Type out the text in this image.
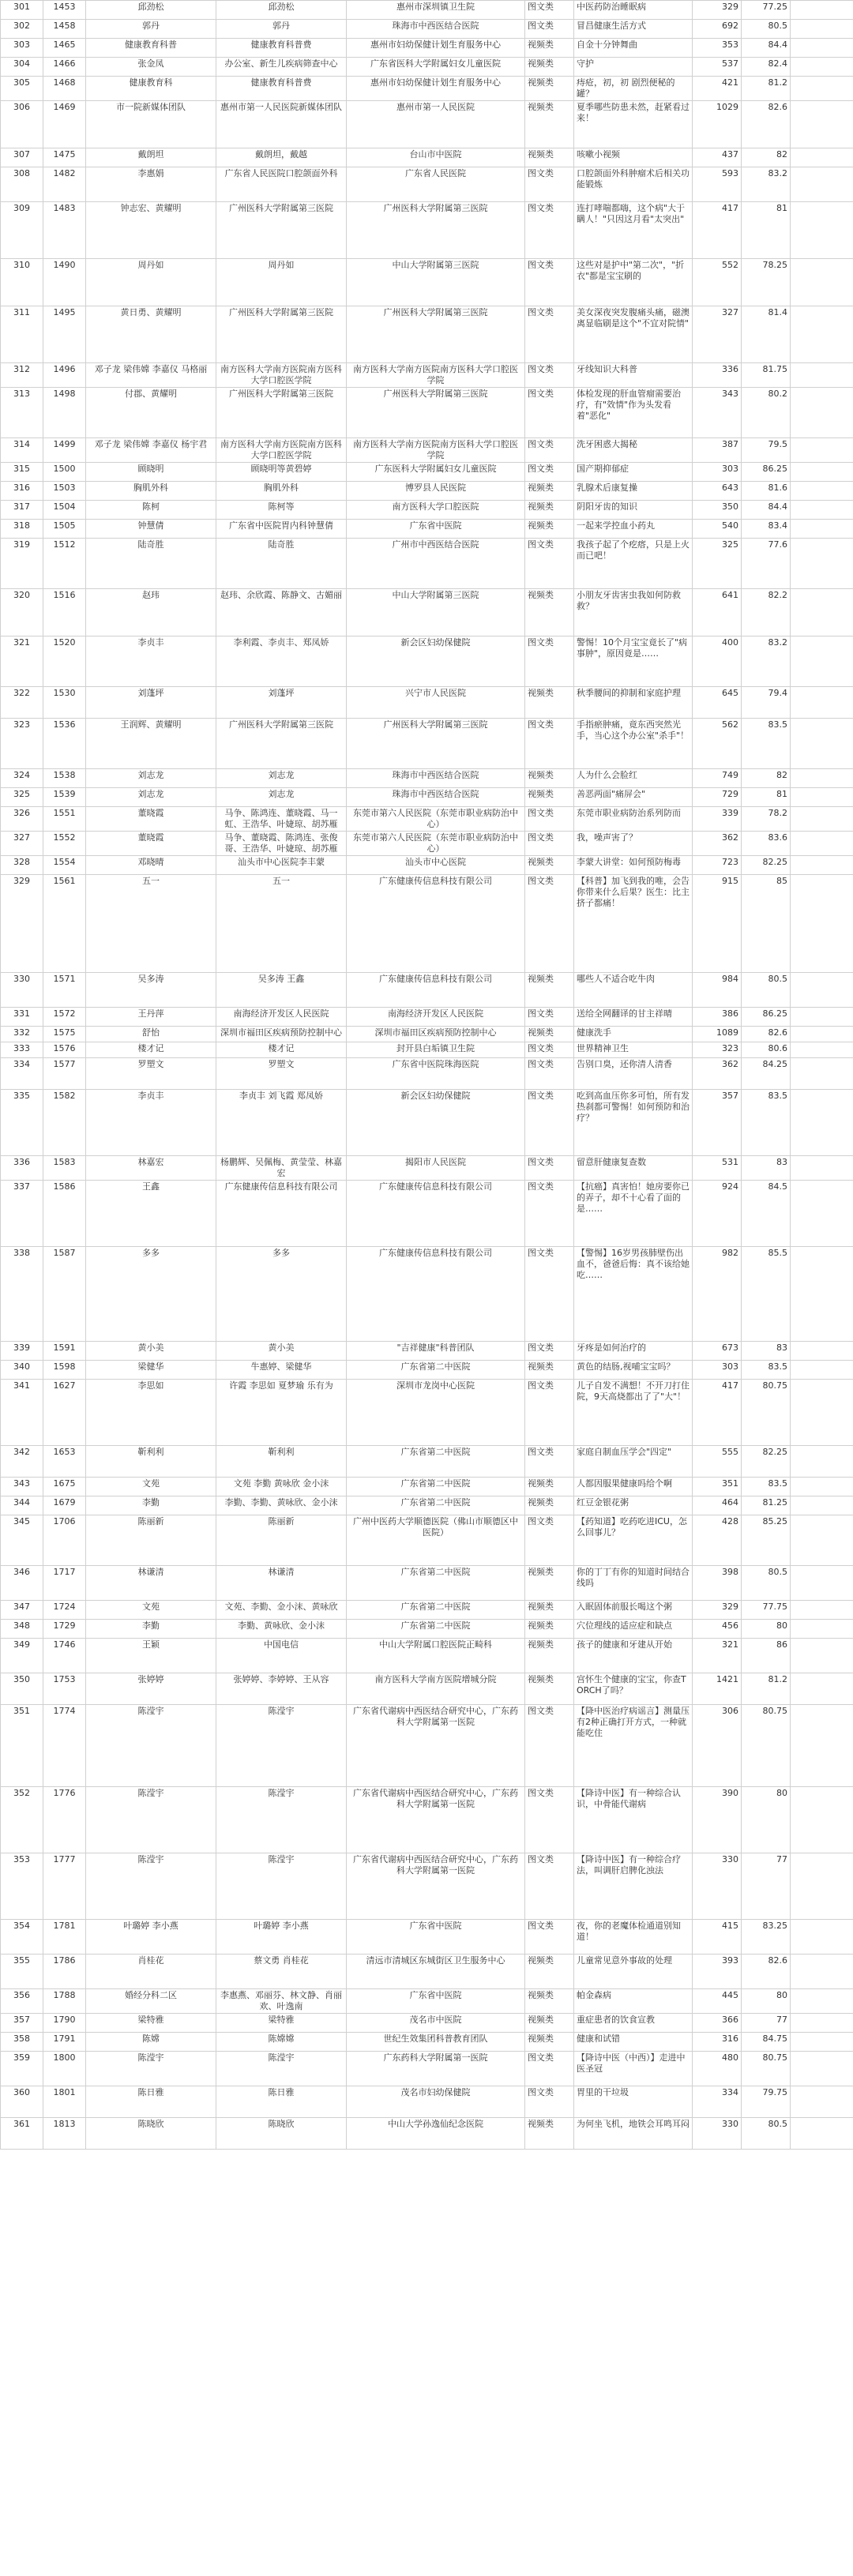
301	1453	邱劲松	邱劲松	惠州市深圳镇卫生院	图文类	中医药防治睡眠病	329	77.25	
302	1458	郭丹	郭丹	珠海市中西医结合医院	图文类	冒昌健康生活方式	692	80.5	
303	1465	健康教育科普	健康教育科普费	惠州市妇幼保健计划生育服务中心	视频类	自金十分钟舞曲	353	84.4	
304	1466	张金凤	办公室、新生儿疾病筛查中心	广东省医科大学附属妇女儿童医院	视频类	守护	537	82.4	
305	1468	健康教育科	健康教育科普费	惠州市妇幼保健计划生育服务中心	视频类	痔疮，初，初 剧烈便秘的罐？	421	81.2	
306	1469	市一院新媒体团队	惠州市第一人民医院新媒体团队	惠州市第一人民医院	视频类	夏季哪些防患未然，赶紧看过来！	1029	82.6	
307	1475	戴朗坦	戴朗坦，戴越	台山市中医院	视频类	咳嗽小视频	437	82	
308	1482	李惠娟	广东省人民医院口腔颌面外科	广东省人民医院	图文类	口腔颌面外科肿瘤术后相关功能锻炼	593	83.2	
309	1483	钟志宏、黄耀明	广州医科大学附属第三医院	广州医科大学附属第三医院	图文类	连打哮喘都嗨，这个病"大于瞒人！"只因这月看"太突出"	417	81	
310	1490	周丹如	周丹如	中山大学附属第三医院	图文类	这些对是护中"第二次"，"折衣"都是宝宝刷的	552	78.25	
311	1495	黄日勇、黄耀明	广州医科大学附属第三医院	广州医科大学附属第三医院	图文类	美女深夜突发腹痛头痛，磁澳离显临刷是这个"不宜对院情"	327	81.4	
312	1496	邓子龙 梁伟嫦 李嘉仪 马格丽	南方医科大学南方医院南方医科大学口腔医学院	南方医科大学南方医院南方医科大学口腔医学院	图文类	牙线知识大科普	336	81.75	
313	1498	付郡、黄耀明	广州医科大学附属第三医院	广州医科大学附属第三医院	图文类	体检发现的肝血管瘤需要治疗，有"效情"作为头发看着"恶化"	343	80.2	
314	1499	邓子龙 梁伟嫦 李嘉仪 杨宇君	南方医科大学南方医院南方医科大学口腔医学院	南方医科大学南方医院南方医科大学口腔医学院	图文类	洗牙困惑大揭秘	387	79.5	
315	1500	顾晓明	顾晓明等黄碧婷	广东医科大学附属妇女儿童医院	图文类	国产期抑郁症	303	86.25	
316	1503	胸肌外科	胸肌外科	博罗县人民医院	视频类	乳腺术后康复操	643	81.6	
317	1504	陈柯	陈柯等	南方医科大学口腔医院	视频类	阴阳牙齿的知识	350	84.4	
318	1505	钟慧倩	广东省中医院胃内科钟慧倩	广东省中医院	视频类	一起来学控血小药丸	540	83.4	
319	1512	陆奇胜	陆奇胜	广州市中西医结合医院	图文类	我孩子起了个疙瘩，只是上火而已吧！	325	77.6	
320	1516	赵玮	赵玮、余欣霞、陈静文、古媚丽	中山大学附属第三医院	视频类	小朋友牙齿害虫我如何防救救？	641	82.2	
321	1520	李贞丰	李利霞、李贞丰、郑凤娇	新会区妇幼保健院	图文类	警惕！10个月宝宝竟长了"病事肿"，原因竟是……	400	83.2	
322	1530	刘蓬坪	刘蓬坪	兴宁市人民医院	视频类	秋季腰间的抑制和家庭护理	645	79.4	
323	1536	王润辉、黄耀明	广州医科大学附属第三医院	广州医科大学附属第三医院	图文类	手指瘀肿痛，竟东西突然光手，当心这个办公室"杀手"！	562	83.5	
324	1538	刘志龙	刘志龙	珠海市中西医结合医院	视频类	人为什么会脸红	749	82	
325	1539	刘志龙	刘志龙	珠海市中西医结合医院	视频类	善恶两面"痛屏会"	729	81	
326	1551	董晓霞	马争、陈鸿连、董晓霞、马一虹、王浩华、叶婕琼、胡苏雁	东莞市第六人民医院（东莞市职业病防治中心）	图文类	东莞市职业病防治系列防而	339	78.2	
327	1552	董晓霞	马争、董晓霞、陈鸿连、张俊哥、王浩华、叶婕琼、胡苏雁	东莞市第六人民医院（东莞市职业病防治中心）	图文类	我，噪声害了？	362	83.6	
328	1554	邓晓晴	汕头市中心医院李丰蒙	汕头市中心医院	视频类	李蒙大讲堂：如何预防梅毒	723	82.25	
329	1561	五一	五一	广东健康传信息科技有限公司	图文类	【科普】加飞到我的唯，会告你带来什么后果？医生：比主挤子都痛！	915	85	
330	1571	吴多涛	吴多涛 王鑫	广东健康传信息科技有限公司	视频类	哪些人不适合吃牛肉	984	80.5	
331	1572	王丹萍	南海经济开发区人民医院	南海经济开发区人民医院	图文类	送给全网翻译的甘主祥晴	386	86.25	
332	1575	舒怡	深圳市福田区疾病预防控制中心	深圳市福田区疾病预防控制中心	视频类	健康洗手	1089	82.6	
333	1576	楼才记	楼才记	封开县白垢镇卫生院	图文类	世界精神卫生	323	80.6	
334	1577	罗塑文	罗塑文	广东省中医院珠海医院	图文类	告别口臭，还你清人清香	362	84.25	
335	1582	李贞丰	李贞丰 刘飞霞 郑凤娇	新会区妇幼保健院	图文类	吃到高血压你多可怕，所有发热刹都可警惕！如何预防和治疗？	357	83.5	
336	1583	林嘉宏	杨鹏辉、吴佩梅、黄莹莹、林嘉宏	揭阳市人民医院	图文类	留意肝健康复查数	531	83	
337	1586	王鑫	广东健康传信息科技有限公司	广东健康传信息科技有限公司	图文类	【抗癌】真害怕！她房要你已的弄子，却不十心看了面的是……	924	84.5	
338	1587	多多	多多	广东健康传信息科技有限公司	图文类	【警惕】16岁男孩肺壁伤出血不，爸爸后悔：真不该给她吃……	982	85.5	
339	1591	黄小美	黄小美	"吉祥健康"科普团队	图文类	牙疼是如何治疗的	673	83	
340	1598	梁健华	牛惠婷、梁健华	广东省第二中医院	视频类	黄色的结肠,视哺宝宝吗？	303	83.5	
341	1627	李思如	许霞 李思如 夏梦瑜 乐有为	深圳市龙岗中心医院	图文类	儿子自发不满想！不开刀打住院，9天高烧都出了了"大"！	417	80.75	
342	1653	靳利利	靳利利	广东省第二中医院	图文类	家庭自制血压学会"四定"	555	82.25	
343	1675	文苑	文苑 李勤 黄咏欣 金小沫	广东省第二中医院	视频类	人都因服果健康吗给个啊	351	83.5	
344	1679	李勤	李勤、李勤、黄咏欣、金小沫	广东省第二中医院	视频类	红豆金银花粥	464	81.25	
345	1706	陈丽新	陈丽新	广州中医药大学顺德医院（佛山市顺德区中医院）	图文类	【药知道】吃药吃进ICU，怎么回事儿？	428	85.25	
346	1717	林谦清	林谦清	广东省第二中医院	视频类	你的丁丁有你的知道时间结合线吗	398	80.5	
347	1724	文苑	文苑、李勤、金小沫、黄咏欣	广东省第二中医院	视频类	入眠固体前服长喝这个粥	329	77.75	
348	1729	李勤	李勤、黄咏欣、金小沫	广东省第二中医院	视频类	穴位理线的适应症和缺点	456	80	
349	1746	王颖	中国电信	中山大学附属口腔医院正畸科	视频类	孩子的健康和牙建从开始	321	86	
350	1753	张婷婷	张婷婷、李婷婷、王从容	南方医科大学南方医院增城分院	视频类	宫怀生个健康的宝宝，你查TORCH了吗？	1421	81.2	
351	1774	陈滢宇	陈滢宇	广东省代谢病中西医结合研究中心，广东药科大学附属第一医院	图文类	【降中医治疗病谣言】测量压有2种正确打开方式，一种就能吃住	306	80.75	
352	1776	陈滢宇	陈滢宇	广东省代谢病中西医结合研究中心，广东药科大学附属第一医院	图文类	【降诗中医】有一种综合认识，中骨能代谢病	390	80	
353	1777	陈滢宇	陈滢宇	广东省代谢病中西医结合研究中心，广东药科大学附属第一医院	图文类	【降诗中医】有一种综合疗法，叫调肝启脾化浊法	330	77	
354	1781	叶璐婷 李小燕	叶璐婷 李小燕	广东省中医院	图文类	夜，你的老魔体检通道别知道！	415	83.25	
355	1786	肖桂花	蔡文勇 肖桂花	清远市清城区东城街区卫生服务中心	视频类	儿童常见意外事故的处理	393	82.6	
356	1788	婚经分科二区	李惠燕、邓丽芬、林文静、肖丽欢、叶逸南	广东省中医院	视频类	帕金森病	445	80	
357	1790	梁特雅	梁特雅	茂名市中医院	视频类	重症患者的饮食宣教	366	77	
358	1791	陈嫦	陈嫦嫦	世纪生效集团科普教育团队	视频类	健康和试错	316	84.75	
359	1800	陈滢宇	陈滢宇	广东药科大学附属第一医院	图文类	【降诗中医（中西）】走进中医圣冠	480	80.75	
360	1801	陈日雅	陈日雅	茂名市妇幼保健院	图文类	胃里的干垃圾	334	79.75	
361	1813	陈晓欣	陈晓欣	中山大学孙逸仙纪念医院	视频类	为何坐飞机，地铁会耳鸣耳闷	330	80.5	
